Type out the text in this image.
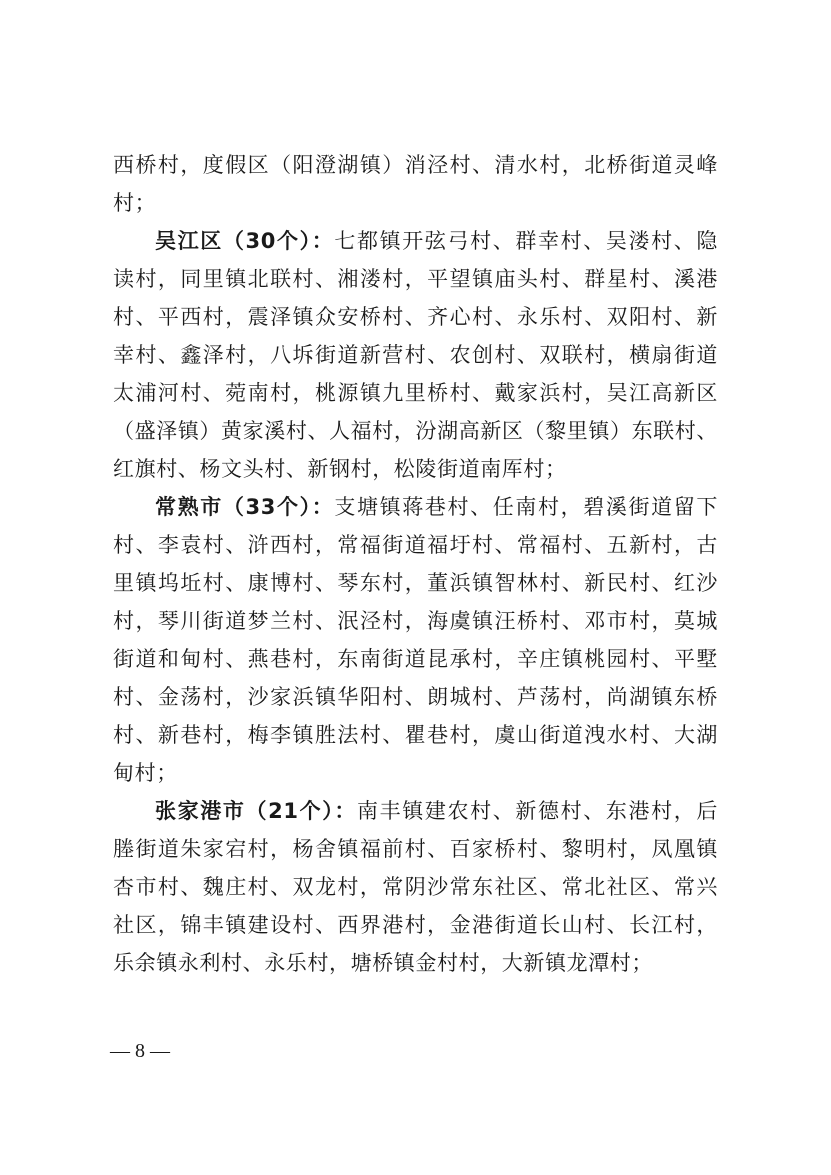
西桥村，度假区（阳澄湖镇）消泾村、清水村，北桥街道灵峰
村；

吴江区（30个）：七都镇开弦弓村、群幸村、吴溇村、隐
读村，同里镇北联村、湘溇村，平望镇庙头村、群星村、溪港
村、平西村，震泽镇众安桥村、齐心村、永乐村、双阳村、新
幸村、鑫泽村，八坼街道新营村、农创村、双联村，横扇街道
太浦河村、菀南村，桃源镇九里桥村、戴家浜村，吴江高新区
（盛泽镇）黄家溪村、人福村，汾湖高新区（黎里镇）东联村、
红旗村、杨文头村、新钢村，松陵街道南厍村；

常熟市（33个）：支塘镇蒋巷村、任南村，碧溪街道留下
村、李袁村、浒西村，常福街道福圩村、常福村、五新村，古
里镇坞坵村、康博村、琴东村，董浜镇智林村、新民村、红沙
村，琴川街道梦兰村、泯泾村，海虞镇汪桥村、邓市村，莫城
街道和甸村、燕巷村，东南街道昆承村，辛庄镇桃园村、平墅
村、金荡村，沙家浜镇华阳村、朗城村、芦荡村，尚湖镇东桥
村、新巷村，梅李镇胜法村、瞿巷村，虞山街道洩水村、大湖
甸村；

张家港市（21个）：南丰镇建农村、新德村、东港村，后
塍街道朱家宕村，杨舍镇福前村、百家桥村、黎明村，凤凰镇
杏市村、魏庄村、双龙村，常阴沙常东社区、常北社区、常兴
社区，锦丰镇建设村、西界港村，金港街道长山村、长江村，
乐余镇永利村、永乐村，塘桥镇金村村，大新镇龙潭村；

— 8 —
